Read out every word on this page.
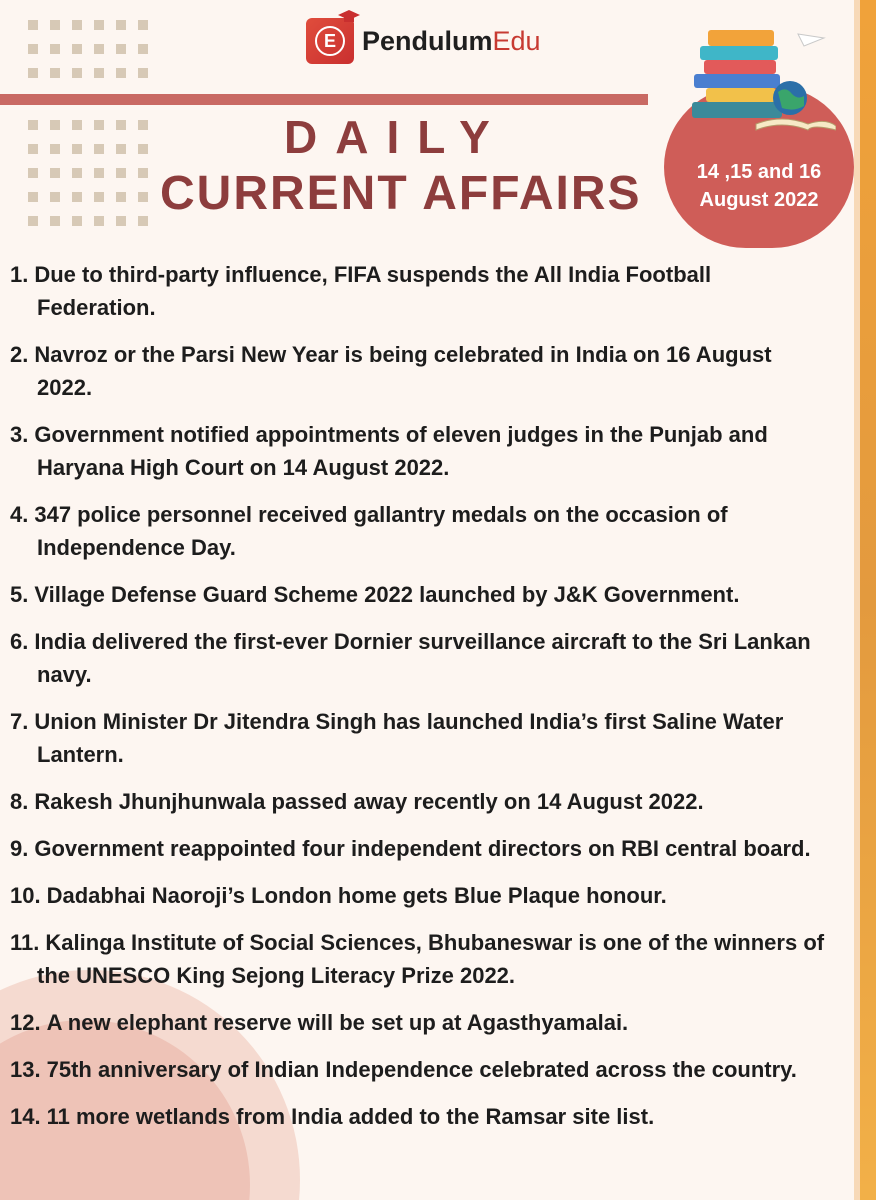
E PendulumEdu
DAILY
CURRENT AFFAIRS	14 ,15 and 16
August 2022
1. Due to third-party influence, FIFA suspends the All India Football Federation.
2. Navroz or the Parsi New Year is being celebrated in India on 16 August 2022.
3. Government notified appointments of eleven judges in the Punjab and Haryana High Court on 14 August 2022.
4. 347 police personnel received gallantry medals on the occasion of Independence Day.
5. Village Defense Guard Scheme 2022 launched by J&K Government.
6. India delivered the first-ever Dornier surveillance aircraft to the Sri Lankan navy.
7. Union Minister Dr Jitendra Singh has launched India’s first Saline Water Lantern.
8. Rakesh Jhunjhunwala passed away recently on 14 August 2022.
9. Government reappointed four independent directors on RBI central board.
10. Dadabhai Naoroji’s London home gets Blue Plaque honour.
11. Kalinga Institute of Social Sciences, Bhubaneswar is one of the winners of the UNESCO King Sejong Literacy Prize 2022.
12. A new elephant reserve will be set up at Agasthyamalai.
13. 75th anniversary of Indian Independence celebrated across the country.
14. 11 more wetlands from India added to the Ramsar site list.
